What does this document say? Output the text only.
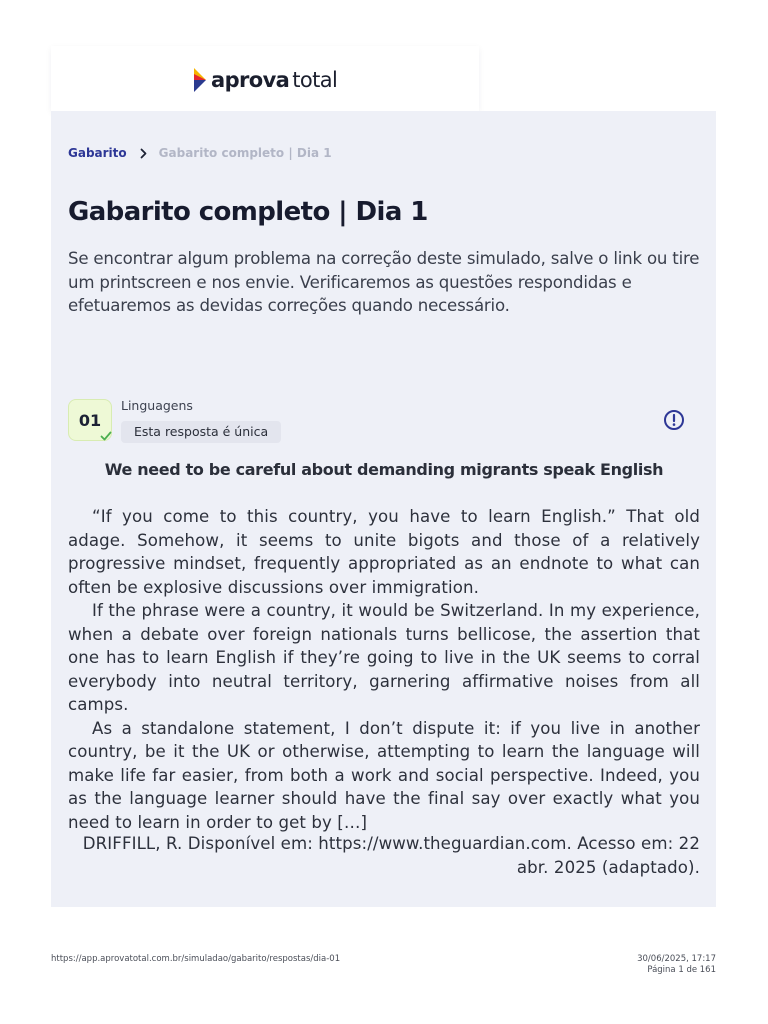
aprova total
Gabarito	Gabarito completo | Dia 1
Gabarito completo | Dia 1

Se encontrar algum problema na correção deste simulado, salve o link ou tire um printscreen e nos envie. Verificaremos as questões respondidas e efetuaremos as devidas correções quando necessário.

01
Linguagens
Esta resposta é única
We need to be careful about demanding migrants speak English

“If you come to this country, you have to learn English.” That old adage. Somehow, it seems to unite bigots and those of a relatively progressive mindset, frequently appropriated as an endnote to what can often be explosive discussions over immigration.

If the phrase were a country, it would be Switzerland. In my experience, when a debate over foreign nationals turns bellicose, the assertion that one has to learn English if they’re going to live in the UK seems to corral everybody into neutral territory, garnering affirmative noises from all camps.

As a standalone statement, I don’t dispute it: if you live in another country, be it the UK or otherwise, attempting to learn the language will make life far easier, from both a work and social perspective. Indeed, you as the language learner should have the final say over exactly what you need to learn in order to get by […]

DRIFFILL, R. Disponível em: https://www.theguardian.com. Acesso em: 22 abr. 2025 (adaptado).

https://app.aprovatotal.com.br/simuladao/gabarito/respostas/dia-01	30/06/2025, 17:17
Página 1 de 161
